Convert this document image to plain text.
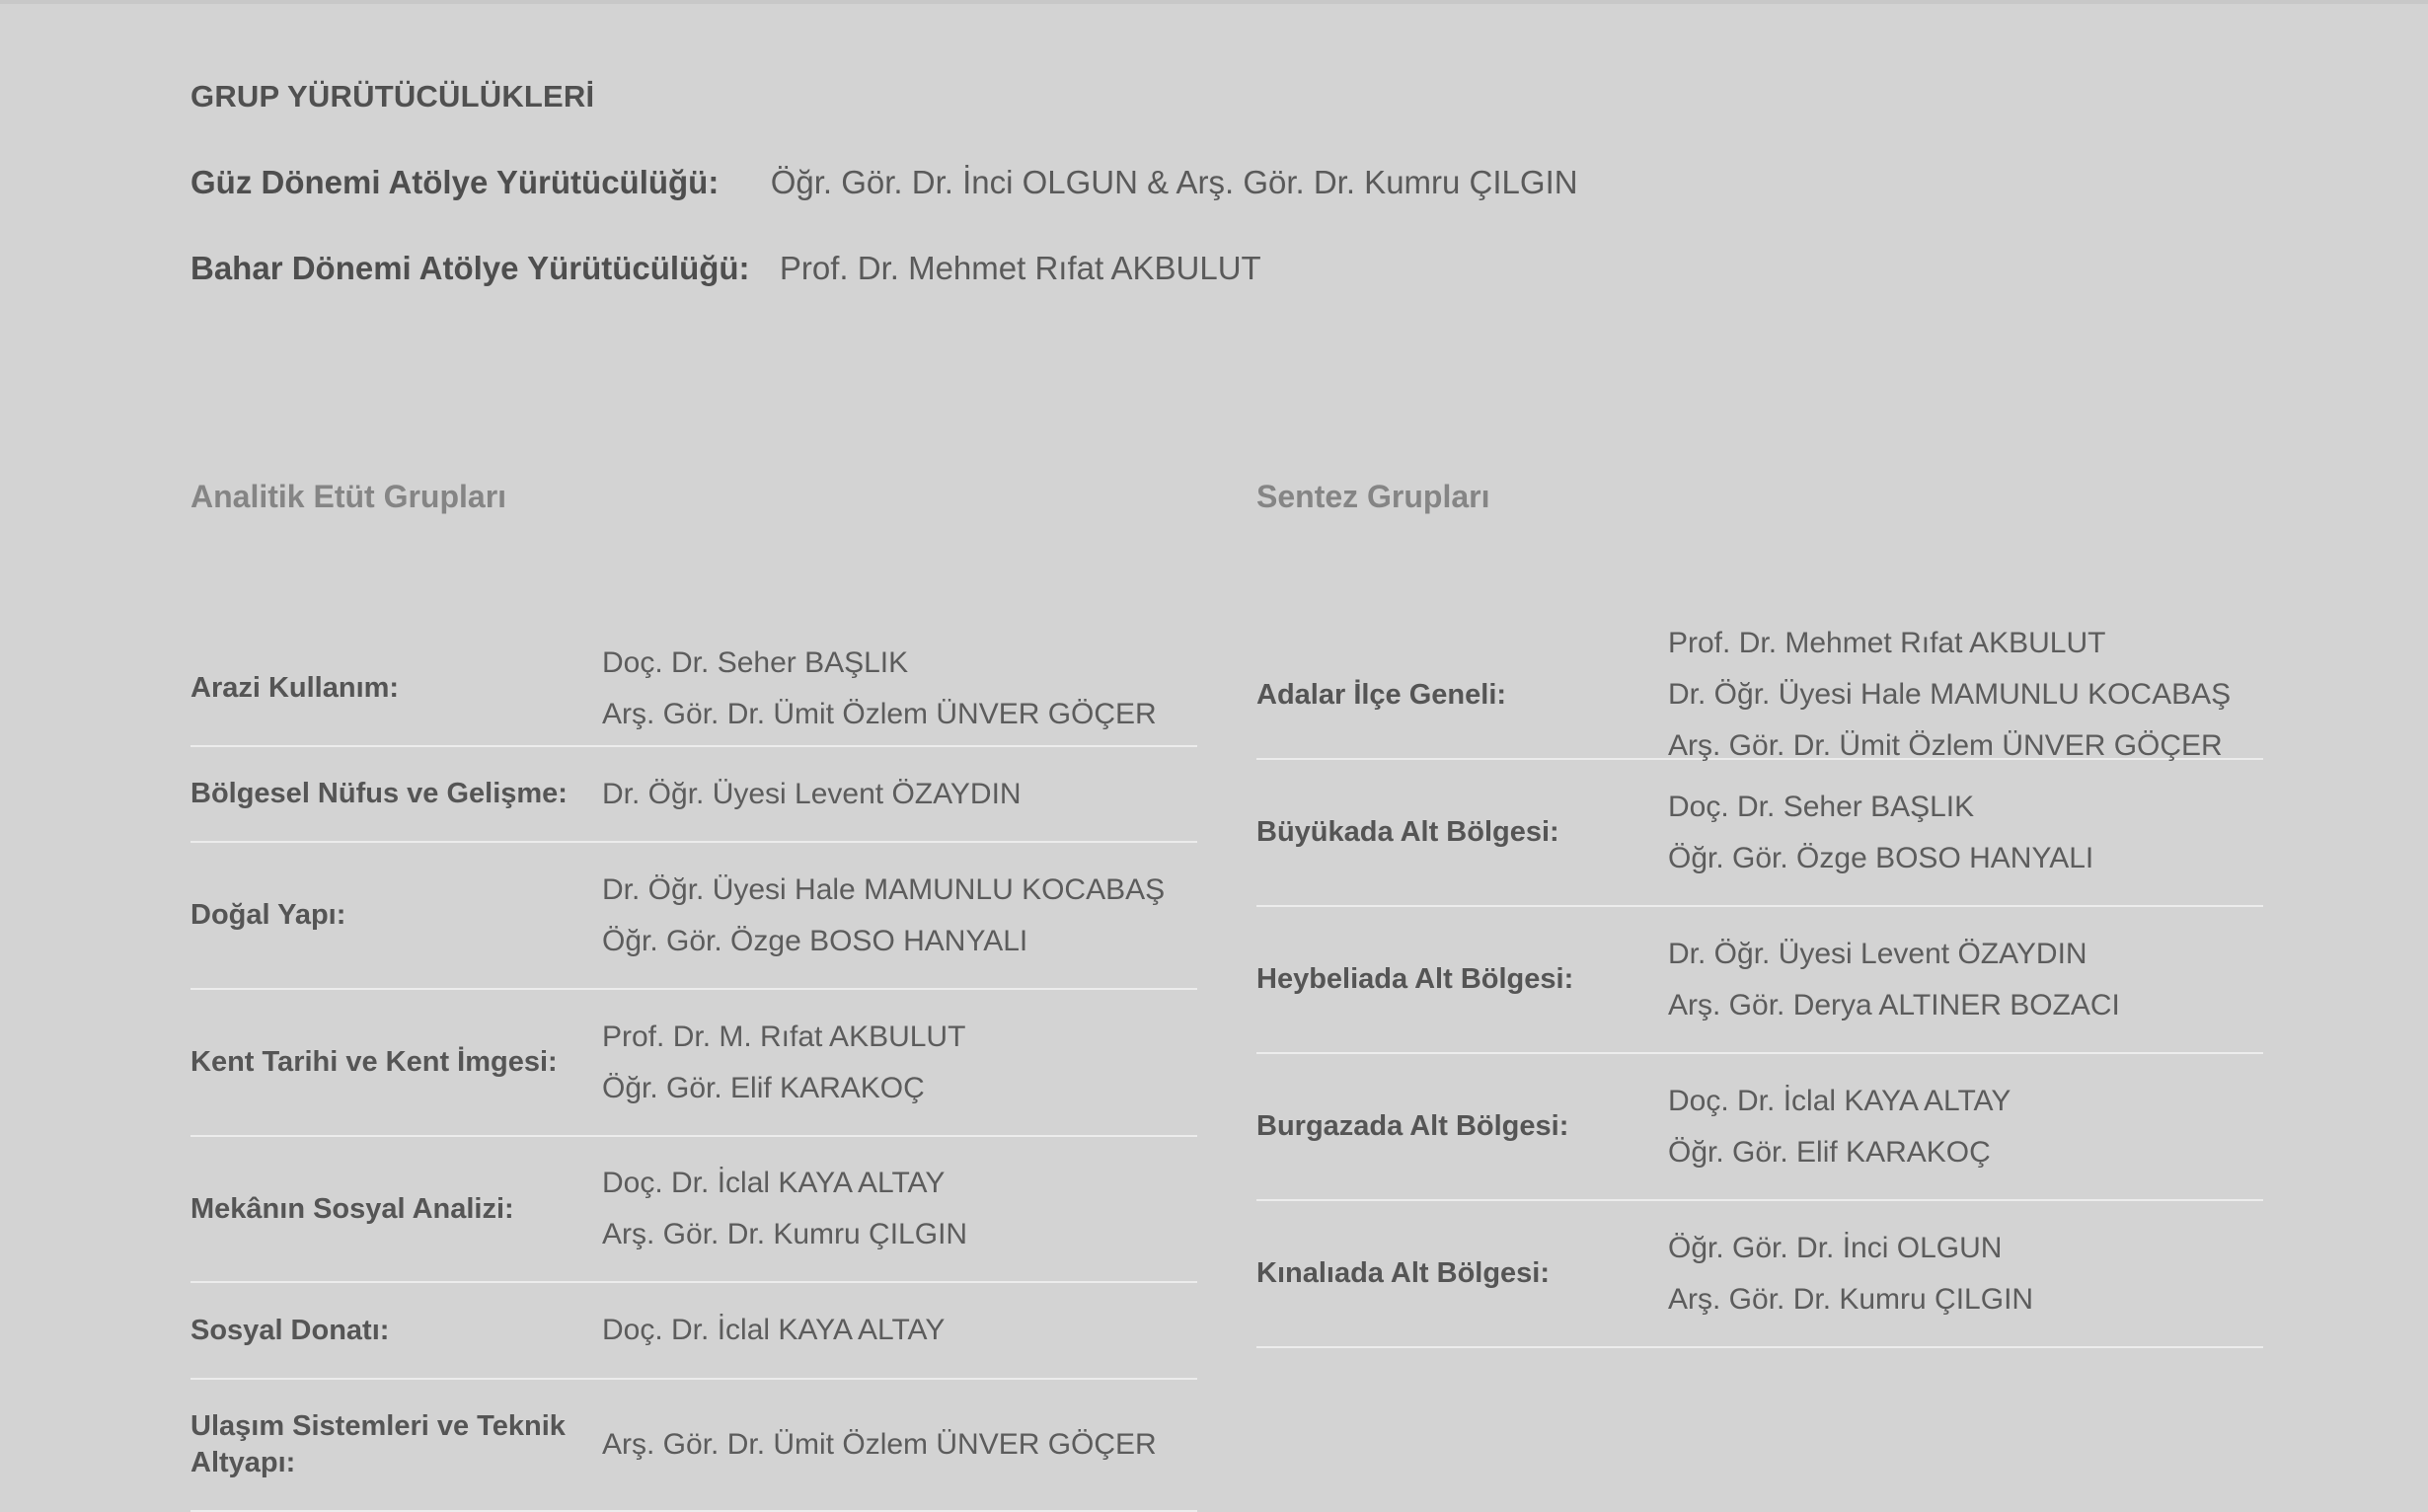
GRUP YÜRÜTÜCÜLÜKLERİ
Güz Dönemi Atölye Yürütücülüğü: Öğr. Gör. Dr. İnci OLGUN & Arş. Gör. Dr. Kumru ÇILGIN
Bahar Dönemi Atölye Yürütücülüğü: Prof. Dr. Mehmet Rıfat AKBULUT
Analitik Etüt Grupları
Arazi Kullanım:
Doç. Dr. Seher BAŞLIK
Arş. Gör. Dr. Ümit Özlem ÜNVER GÖÇER
Bölgesel Nüfus ve Gelişme:	Dr. Öğr. Üyesi Levent ÖZAYDIN
Doğal Yapı:
Dr. Öğr. Üyesi Hale MAMUNLU KOCABAŞ
Öğr. Gör. Özge BOSO HANYALI
Kent Tarihi ve Kent İmgesi:
Prof. Dr. M. Rıfat AKBULUT
Öğr. Gör. Elif KARAKOÇ
Mekânın Sosyal Analizi:
Doç. Dr. İclal KAYA ALTAY
Arş. Gör. Dr. Kumru ÇILGIN
Sosyal Donatı:	Doç. Dr. İclal KAYA ALTAY
Ulaşım Sistemleri ve Teknik Altyapı:
Arş. Gör. Dr. Ümit Özlem ÜNVER GÖÇER
Sentez Grupları
Adalar İlçe Geneli:
Prof. Dr. Mehmet Rıfat AKBULUT
Dr. Öğr. Üyesi Hale MAMUNLU KOCABAŞ
Arş. Gör. Dr. Ümit Özlem ÜNVER GÖÇER
Büyükada Alt Bölgesi:
Doç. Dr. Seher BAŞLIK
Öğr. Gör. Özge BOSO HANYALI
Heybeliada Alt Bölgesi:
Dr. Öğr. Üyesi Levent ÖZAYDIN
Arş. Gör. Derya ALTINER BOZACI
Burgazada Alt Bölgesi:
Doç. Dr. İclal KAYA ALTAY
Öğr. Gör. Elif KARAKOÇ
Kınalıada Alt Bölgesi:
Öğr. Gör. Dr. İnci OLGUN
Arş. Gör. Dr. Kumru ÇILGIN
